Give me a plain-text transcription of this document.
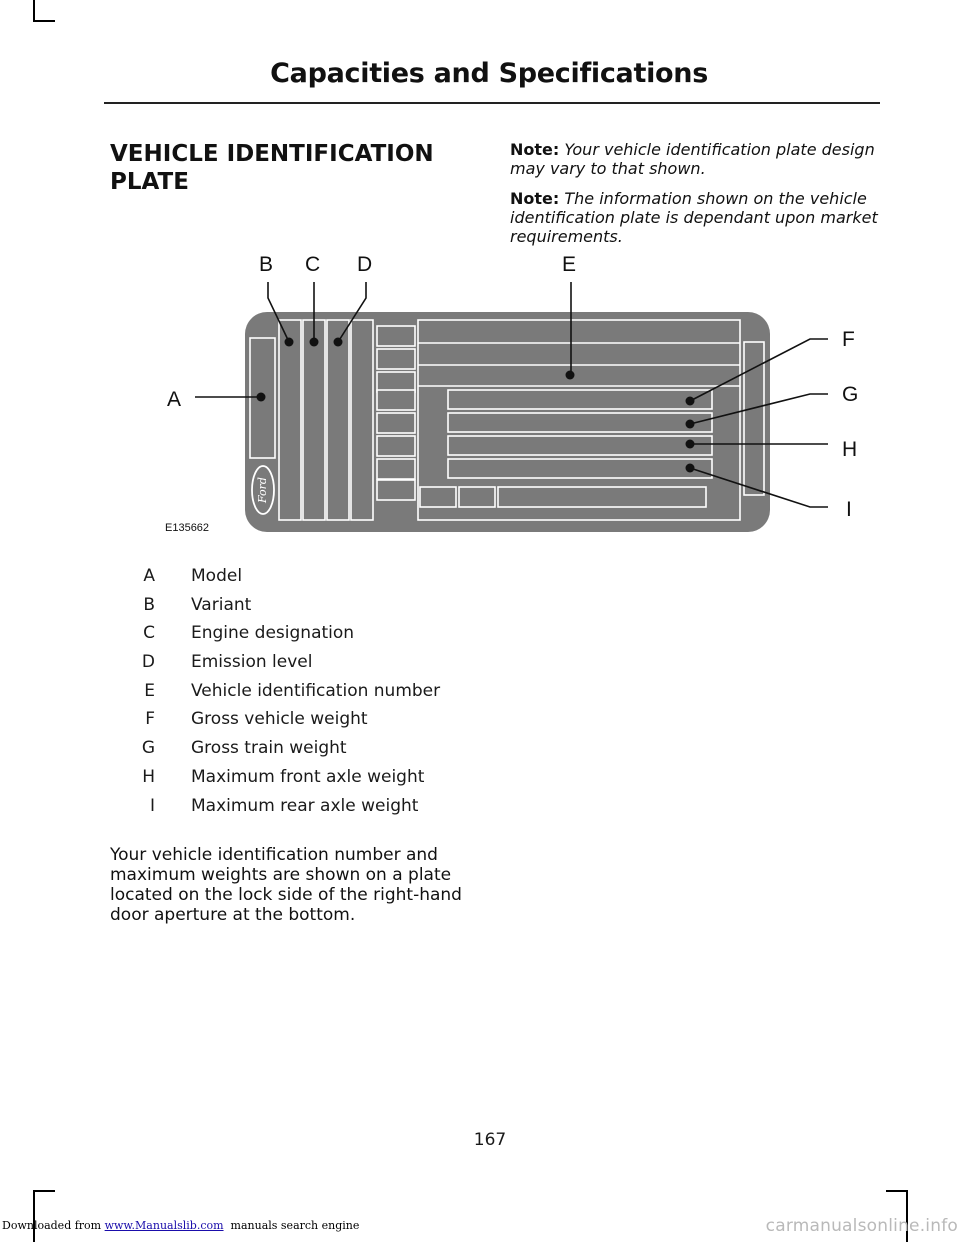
Capacities and Specifications
VEHICLE IDENTIFICATION PLATE
Note: Your vehicle identification plate design may vary to that shown.
Note: The information shown on the vehicle identification plate is dependant upon market requirements.
Ford
A
B C D	E
F
G
H
I
E135662
A Model
B Variant
C Engine designation
D Emission level
E Vehicle identification number
F Gross vehicle weight
G Gross train weight
H Maximum front axle weight
I Maximum rear axle weight
Your vehicle identification number and maximum weights are shown on a plate located on the lock side of the right-hand door aperture at the bottom.
167
Downloaded from www.Manualslib.com  manuals search engine	carmanualsonline.info
